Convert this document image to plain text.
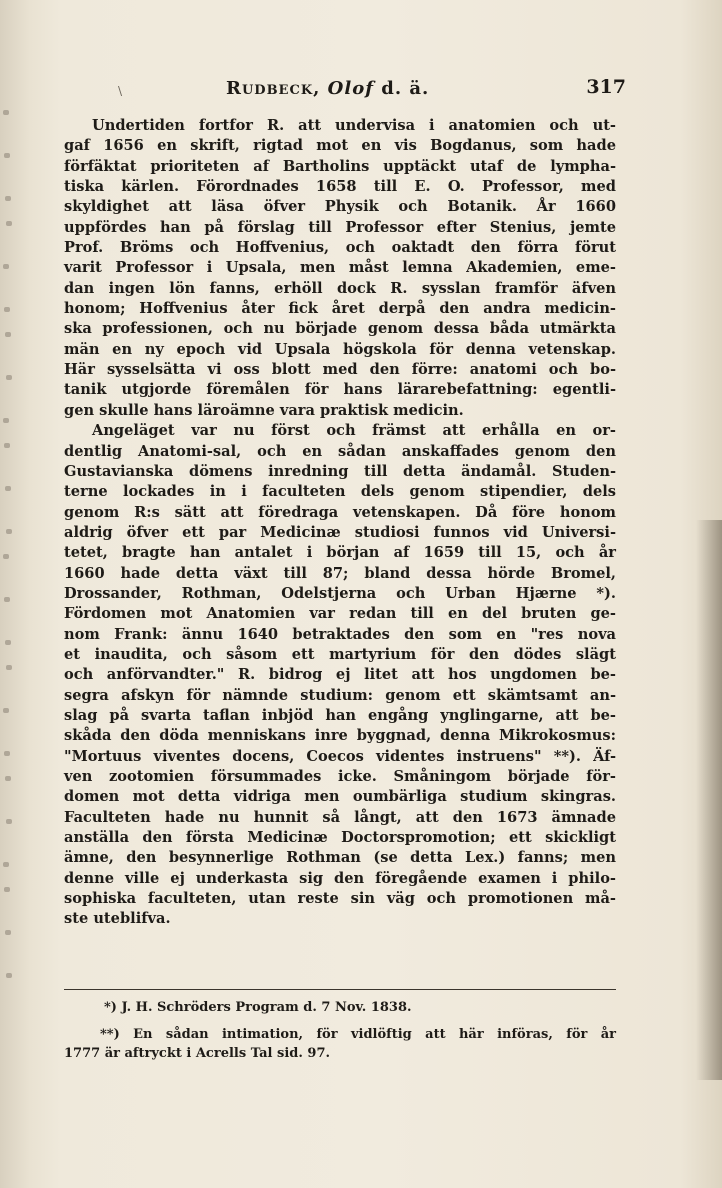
\	Rudbeck, Olof d. ä.	317
Undertiden fortfor R. att undervisa i anatomien och ut-
gaf 1656 en skrift, rigtad mot en vis Bogdanus, som hade
förfäktat prioriteten af Bartholins upptäckt utaf de lympha-
tiska kärlen. Förordnades 1658 till E. O. Professor, med
skyldighet att läsa öfver Physik och Botanik. År 1660
uppfördes han på förslag till Professor efter Stenius, jemte
Prof. Bröms och Hoffvenius, och oaktadt den förra förut
varit Professor i Upsala, men måst lemna Akademien, eme-
dan ingen lön fanns, erhöll dock R. sysslan framför äfven
honom; Hoffvenius åter fick året derpå den andra medicin-
ska professionen, och nu började genom dessa båda utmärkta
män en ny epoch vid Upsala högskola för denna vetenskap.
Här sysselsätta vi oss blott med den förre: anatomi och bo-
tanik utgjorde föremålen för hans lärarebefattning: egentli-
gen skulle hans läroämne vara praktisk medicin.
Angeläget var nu först och främst att erhålla en or-
dentlig Anatomi-sal, och en sådan anskaffades genom den
Gustavianska dömens inredning till detta ändamål. Studen-
terne lockades in i faculteten dels genom stipendier, dels
genom R:s sätt att föredraga vetenskapen. Då före honom
aldrig öfver ett par Medicinæ studiosi funnos vid Universi-
tetet, bragte han antalet i början af 1659 till 15, och år
1660 hade detta växt till 87; bland dessa hörde Bromel,
Drossander, Rothman, Odelstjerna och Urban Hjærne *).
Fördomen mot Anatomien var redan till en del bruten ge-
nom Frank: ännu 1640 betraktades den som en "res nova
et inaudita, och såsom ett martyrium för den dödes slägt
och anförvandter." R. bidrog ej litet att hos ungdomen be-
segra afskyn för nämnde studium: genom ett skämtsamt an-
slag på svarta taflan inbjöd han engång ynglingarne, att be-
skåda den döda menniskans inre byggnad, denna Mikrokosmus:
"Mortuus viventes docens, Coecos videntes instruens" **). Äf-
ven zootomien försummades icke. Småningom började för-
domen mot detta vidriga men oumbärliga studium skingras.
Faculteten hade nu hunnit så långt, att den 1673 ämnade
anställa den första Medicinæ Doctorspromotion; ett skickligt
ämne, den besynnerlige Rothman (se detta Lex.) fanns; men
denne ville ej underkasta sig den föregående examen i philo-
sophiska faculteten, utan reste sin väg och promotionen må-
ste uteblifva.
*) J. H. Schröders Program d. 7 Nov. 1838.
**) En sådan intimation, för vidlöftig att här införas, för år
1777 är aftryckt i Acrells Tal sid. 97.
